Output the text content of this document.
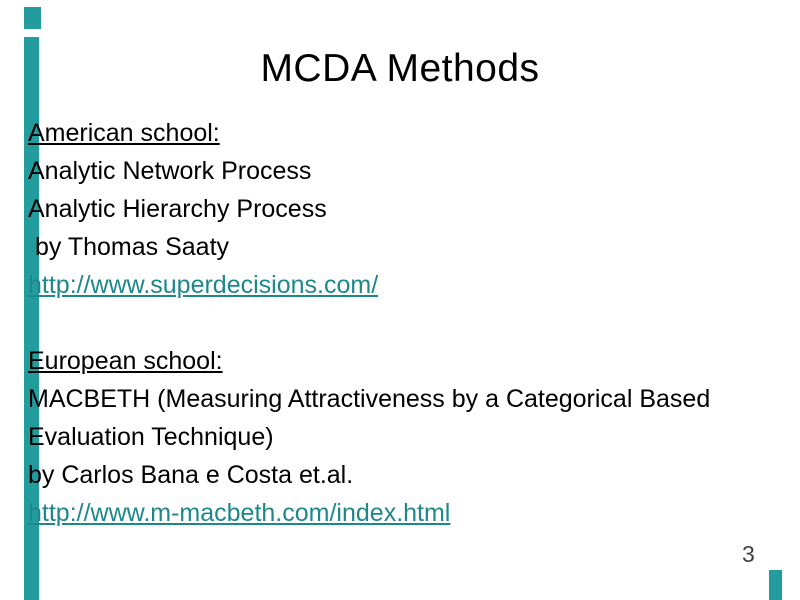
MCDA Methods
American school:
Analytic Network Process
Analytic Hierarchy Process
by Thomas Saaty
http://www.superdecisions.com/
European school:
MACBETH (Measuring Attractiveness by a Categorical Based
Evaluation Technique)
by Carlos Bana e Costa et.al.
http://www.m-macbeth.com/index.html
3
